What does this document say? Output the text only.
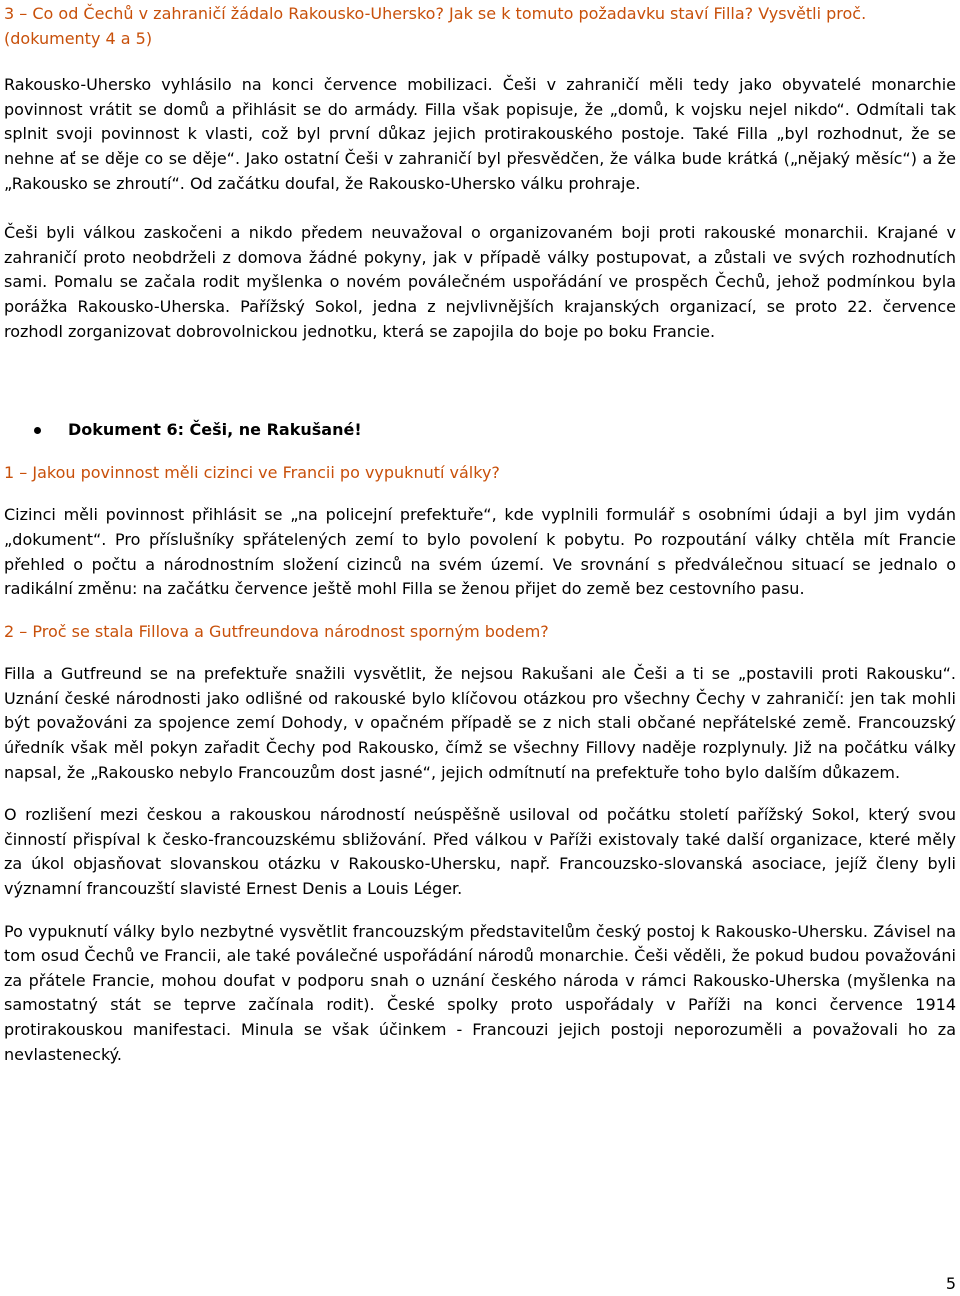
3 – Co od Čechů v zahraničí žádalo Rakousko-Uhersko? Jak se k tomuto požadavku staví Filla? Vysvětli proč. (dokumenty 4 a 5)

Rakousko-Uhersko vyhlásilo na konci července mobilizaci. Češi v zahraničí měli tedy jako obyvatelé monarchie povinnost vrátit se domů a přihlásit se do armády. Filla však popisuje, že „domů, k vojsku nejel nikdo“. Odmítali tak splnit svoji povinnost k vlasti, což byl první důkaz jejich protirakouského postoje. Také Filla „byl rozhodnut, že se nehne ať se děje co se děje“. Jako ostatní Češi v zahraničí byl přesvědčen, že válka bude krátká („nějaký měsíc“) a že „Rakousko se zhroutí“. Od začátku doufal, že Rakousko-Uhersko válku prohraje.

Češi byli válkou zaskočeni a nikdo předem neuvažoval o organizovaném boji proti rakouské monarchii. Krajané v zahraničí proto neobdrželi z domova žádné pokyny, jak v případě války postupovat, a zůstali ve svých rozhodnutích sami. Pomalu se začala rodit myšlenka o novém poválečném uspořádání ve prospěch Čechů, jehož podmínkou byla porážka Rakousko-Uherska. Pařížský Sokol, jedna z nejvlivnějších krajanských organizací, se proto 22. července rozhodl zorganizovat dobrovolnickou jednotku, která se zapojila do boje po boku Francie.

Dokument 6: Češi, ne Rakušané!

1 – Jakou povinnost měli cizinci ve Francii po vypuknutí války?

Cizinci měli povinnost přihlásit se „na policejní prefektuře“, kde vyplnili formulář s osobními údaji a byl jim vydán „dokument“. Pro příslušníky spřátelených zemí to bylo povolení k pobytu. Po rozpoutání války chtěla mít Francie přehled o počtu a národnostním složení cizinců na svém území. Ve srovnání s předválečnou situací se jednalo o radikální změnu: na začátku července ještě mohl Filla se ženou přijet do země bez cestovního pasu.

2 – Proč se stala Fillova a Gutfreundova národnost sporným bodem?

Filla a Gutfreund se na prefektuře snažili vysvětlit, že nejsou Rakušani ale Češi a ti se „postavili proti Rakousku“. Uznání české národnosti jako odlišné od rakouské bylo klíčovou otázkou pro všechny Čechy v zahraničí: jen tak mohli být považováni za spojence zemí Dohody, v opačném případě se z nich stali občané nepřátelské země. Francouzský úředník však měl pokyn zařadit Čechy pod Rakousko, čímž se všechny Fillovy naděje rozplynuly. Již na počátku války napsal, že „Rakousko nebylo Francouzům dost jasné“, jejich odmítnutí na prefektuře toho bylo dalším důkazem.

O rozlišení mezi českou a rakouskou národností neúspěšně usiloval od počátku století pařížský Sokol, který svou činností přispíval k česko-francouzskému sbližování. Před válkou v Paříži existovaly také další organizace, které měly za úkol objasňovat slovanskou otázku v Rakousko-Uhersku, např. Francouzsko-slovanská asociace, jejíž členy byli významní francouzští slavisté Ernest Denis a Louis Léger.

Po vypuknutí války bylo nezbytné vysvětlit francouzským představitelům český postoj k Rakousko-Uhersku. Závisel na tom osud Čechů ve Francii, ale také poválečné uspořádání národů monarchie. Češi věděli, že pokud budou považováni za přátele Francie, mohou doufat v podporu snah o uznání českého národa v rámci Rakousko-Uherska (myšlenka na samostatný stát se teprve začínala rodit). České spolky proto uspořádaly v Paříži na konci července 1914 protirakouskou manifestaci. Minula se však účinkem - Francouzi jejich postoji neporozuměli a považovali ho za nevlastenecký.

5
